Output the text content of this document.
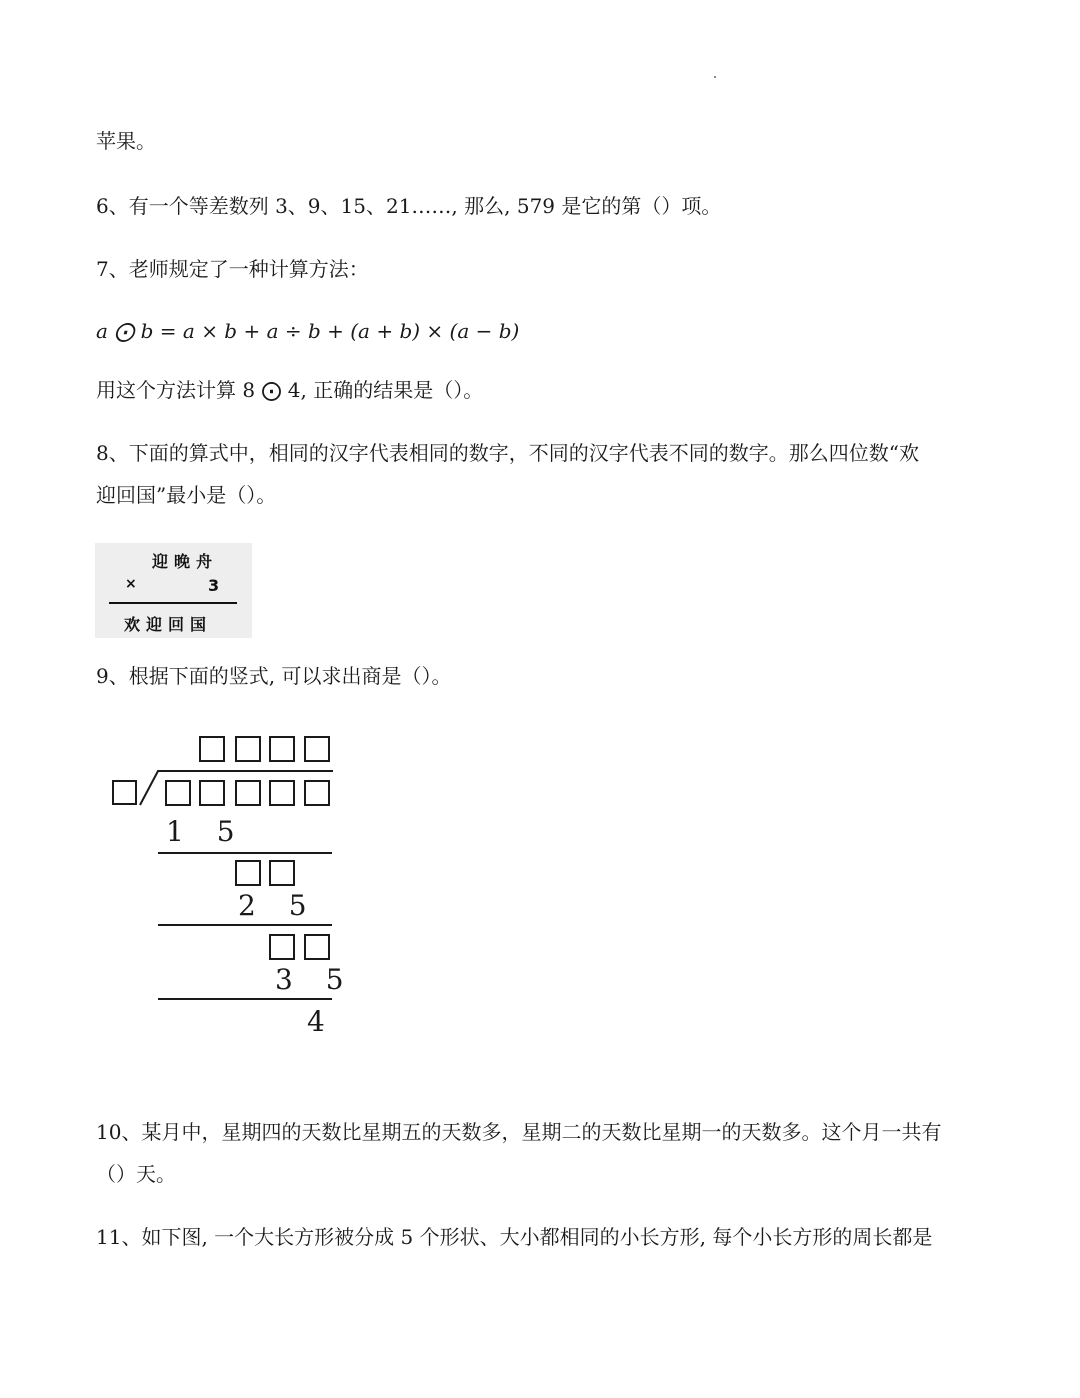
苹果。
6、有一个等差数列 3、9、15、21……, 那么, 579 是它的第（）项。
7、老师规定了一种计算方法：
a ⨀ b = a × b + a ÷ b + (a + b) × (a − b)
用这个方法计算 8 ⨀ 4, 正确的结果是（）。
8、下面的算式中，相同的汉字代表相同的数字，不同的汉字代表不同的数字。那么四位数“欢
迎回国”最小是（）。
迎晚舟
×	3
欢迎回国
9、根据下面的竖式, 可以求出商是（）。
1 5
2 5
3 5
4
10、某月中，星期四的天数比星期五的天数多，星期二的天数比星期一的天数多。这个月一共有
（）天。
11、如下图, 一个大长方形被分成 5 个形状、大小都相同的小长方形, 每个小长方形的周长都是
